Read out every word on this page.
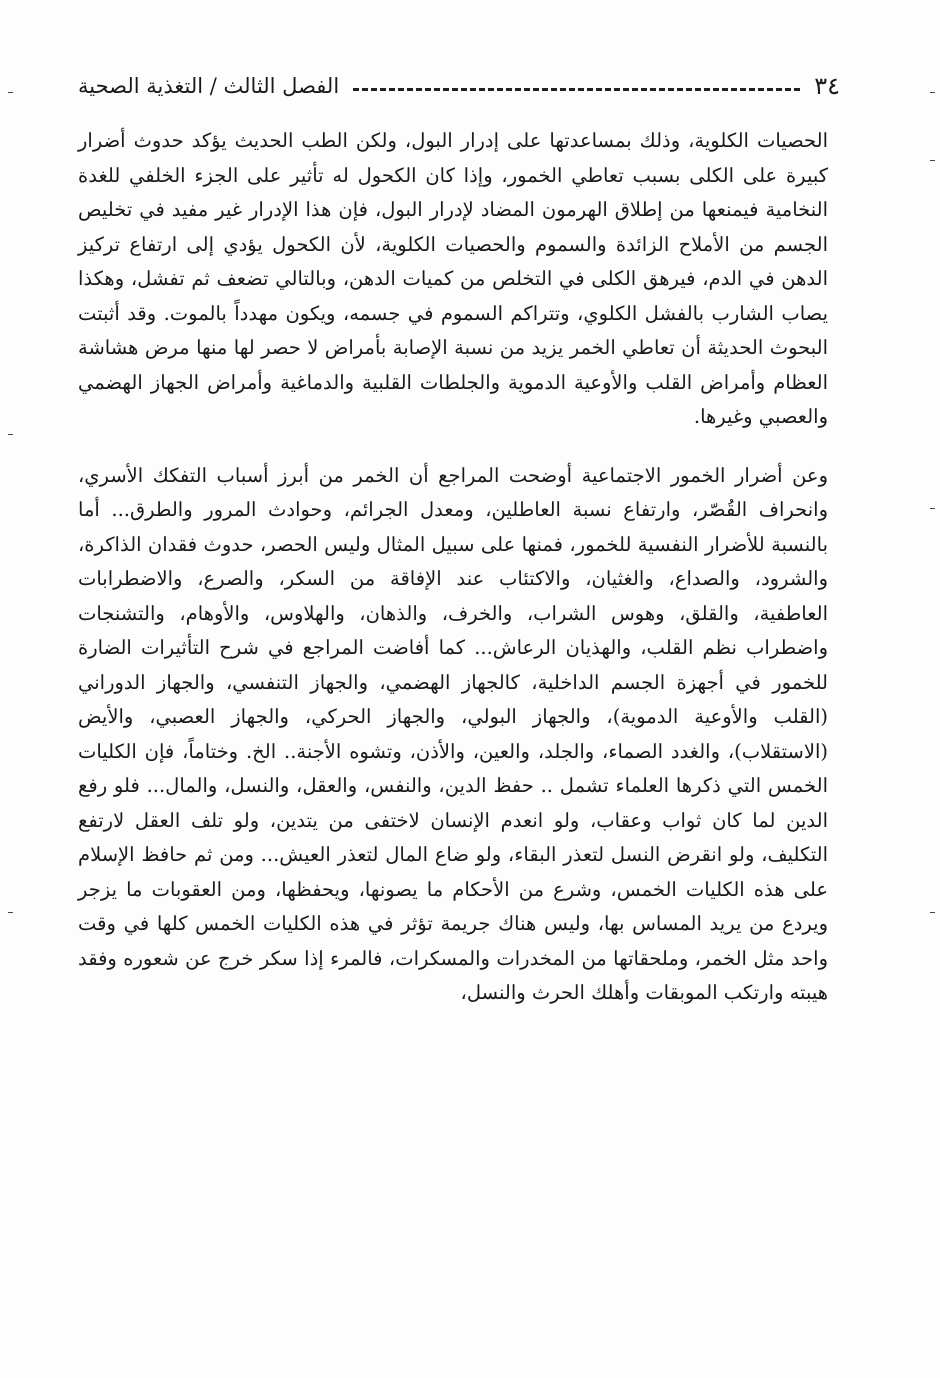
٣٤
الفصل الثالث / التغذية الصحية

الحصيات الكلوية، وذلك بمساعدتها على إدرار البول، ولكن الطب الحديث يؤكد حدوث أضرار كبيرة على الكلى بسبب تعاطي الخمور، وإذا كان الكحول له تأثير على الجزء الخلفي للغدة النخامية فيمنعها من إطلاق الهرمون المضاد لإدرار البول، فإن هذا الإدرار غير مفيد في تخليص الجسم من الأملاح الزائدة والسموم والحصيات الكلوية، لأن الكحول يؤدي إلى ارتفاع تركيز الدهن في الدم، فيرهق الكلى في التخلص من كميات الدهن، وبالتالي تضعف ثم تفشل، وهكذا يصاب الشارب بالفشل الكلوي، وتتراكم السموم في جسمه، ويكون مهدداً بالموت. وقد أثبتت البحوث الحديثة أن تعاطي الخمر يزيد من نسبة الإصابة بأمراض لا حصر لها منها مرض هشاشة العظام وأمراض القلب والأوعية الدموية والجلطات القلبية والدماغية وأمراض الجهاز الهضمي والعصبي وغيرها.

وعن أضرار الخمور الاجتماعية أوضحت المراجع أن الخمر من أبرز أسباب التفكك الأسري، وانحراف القُصّر، وارتفاع نسبة العاطلين، ومعدل الجرائم، وحوادث المرور والطرق... أما بالنسبة للأضرار النفسية للخمور، فمنها على سبيل المثال وليس الحصر، حدوث فقدان الذاكرة، والشرود، والصداع، والغثيان، والاكتئاب عند الإفاقة من السكر، والصرع، والاضطرابات العاطفية، والقلق، وهوس الشراب، والخرف، والذهان، والهلاوس، والأوهام، والتشنجات واضطراب نظم القلب، والهذيان الرعاش... كما أفاضت المراجع في شرح التأثيرات الضارة للخمور في أجهزة الجسم الداخلية، كالجهاز الهضمي، والجهاز التنفسي، والجهاز الدوراني (القلب والأوعية الدموية)، والجهاز البولي، والجهاز الحركي، والجهاز العصبي، والأيض (الاستقلاب)، والغدد الصماء، والجلد، والعين، والأذن، وتشوه الأجنة.. الخ. وختاماً، فإن الكليات الخمس التي ذكرها العلماء تشمل .. حفظ الدين، والنفس، والعقل، والنسل، والمال... فلو رفع الدين لما كان ثواب وعقاب، ولو انعدم الإنسان لاختفى من يتدين، ولو تلف العقل لارتفع التكليف، ولو انقرض النسل لتعذر البقاء، ولو ضاع المال لتعذر العيش... ومن ثم حافظ الإسلام على هذه الكليات الخمس، وشرع من الأحكام ما يصونها، ويحفظها، ومن العقوبات ما يزجر ويردع من يريد المساس بها، وليس هناك جريمة تؤثر في هذه الكليات الخمس كلها في وقت واحد مثل الخمر، وملحقاتها من المخدرات والمسكرات، فالمرء إذا سكر خرج عن شعوره وفقد هيبته وارتكب الموبقات وأهلك الحرث والنسل،
